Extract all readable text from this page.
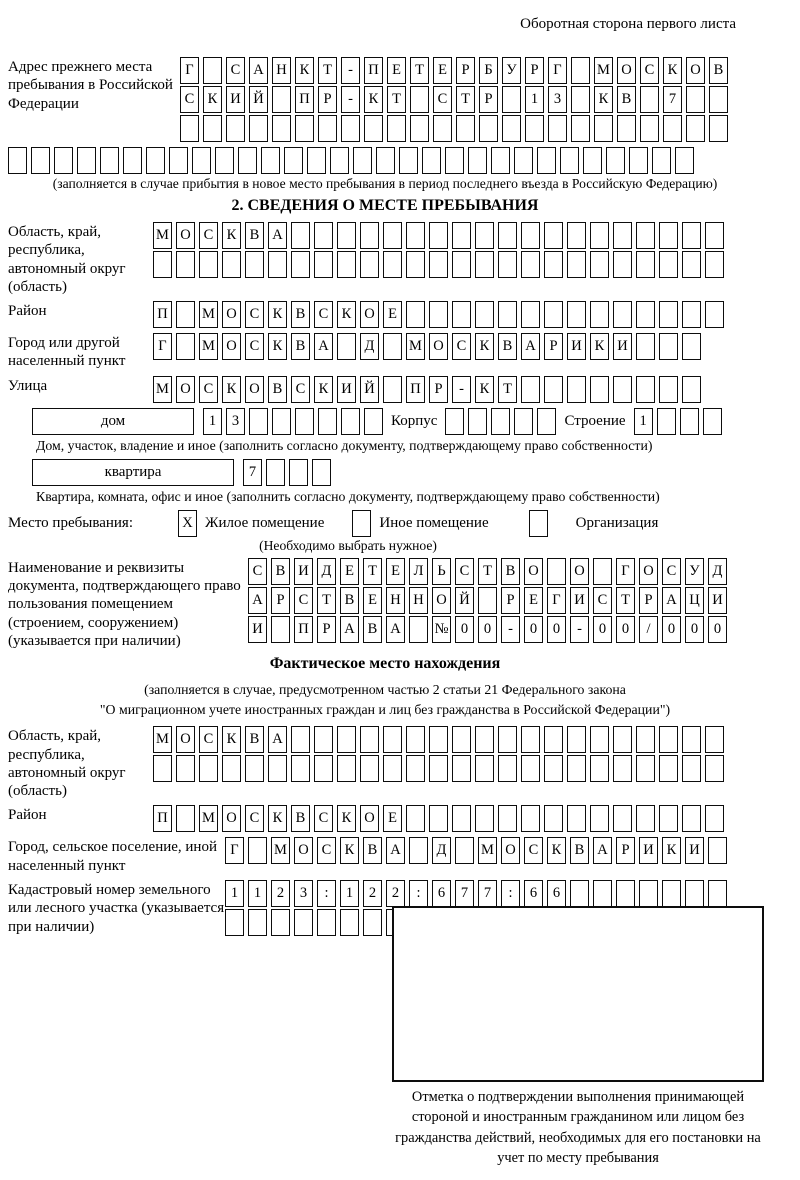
Оборотная сторона первого листа
Адрес прежнего места пребывания в Российской Федерации
Г	С А Н К Т	-	П Е Т Е	Р	Б У Р	Г	М О С К О В
С К И Й П Р	-	К Т	С Т	Р	1	3	К В	7
(заполняется в случае прибытия в новое место пребывания в период последнего въезда в Российскую Федерацию)
2. СВЕДЕНИЯ О МЕСТЕ ПРЕБЫВАНИЯ
Область, край, республика, автономный округ (область)
М О С К В А
Район	П М О С К В С К О Е
Город или другой населенный пункт
Г	М О С К В А	Д	М О С К В А Р И К И
Улица	М О С К О В С К И Й П Р	-	К Т
дом	1	3	Корпус	Строение 1
Дом, участок, владение и иное (заполнить согласно документу, подтверждающему право собственности)
квартира	7
Квартира, комната, офис и иное (заполнить согласно документу, подтверждающему право собственности)
Место пребывания:	X Жилое помещение	Иное помещение	Организация
(Необходимо выбрать нужное)
Наименование и реквизиты документа, подтверждающего право пользования помещением (строением, сооружением) (указывается при наличии)
С В И Д Е Т Е Л Ь С Т В О О	Г О С У Д
А Р С Т В Е Н Н О Й	Р	Е Г И С Т	Р А Ц И
И П Р А В А № 0	0	-	0	0	-	0	0	/	0	0	0
Фактическое место нахождения
(заполняется в случае, предусмотренном частью 2 статьи 21 Федерального закона
"О миграционном учете иностранных граждан и лиц без гражданства в Российской Федерации")
Область, край, республика, автономный округ (область)
М О С К В А
Район	П М О С К В С К О Е
Город, сельское поселение, иной населенный пункт
Г	М О С К В А	Д	М О С К В А Р И К И
Кадастровый номер земельного или лесного участка (указывается при наличии)
1	1	2	3	:	1	2	2	:	6	7	7	:	6	6
Отметка о подтверждении выполнения принимающей стороной и иностранным гражданином или лицом без гражданства действий, необходимых для его постановки на учет по месту пребывания
